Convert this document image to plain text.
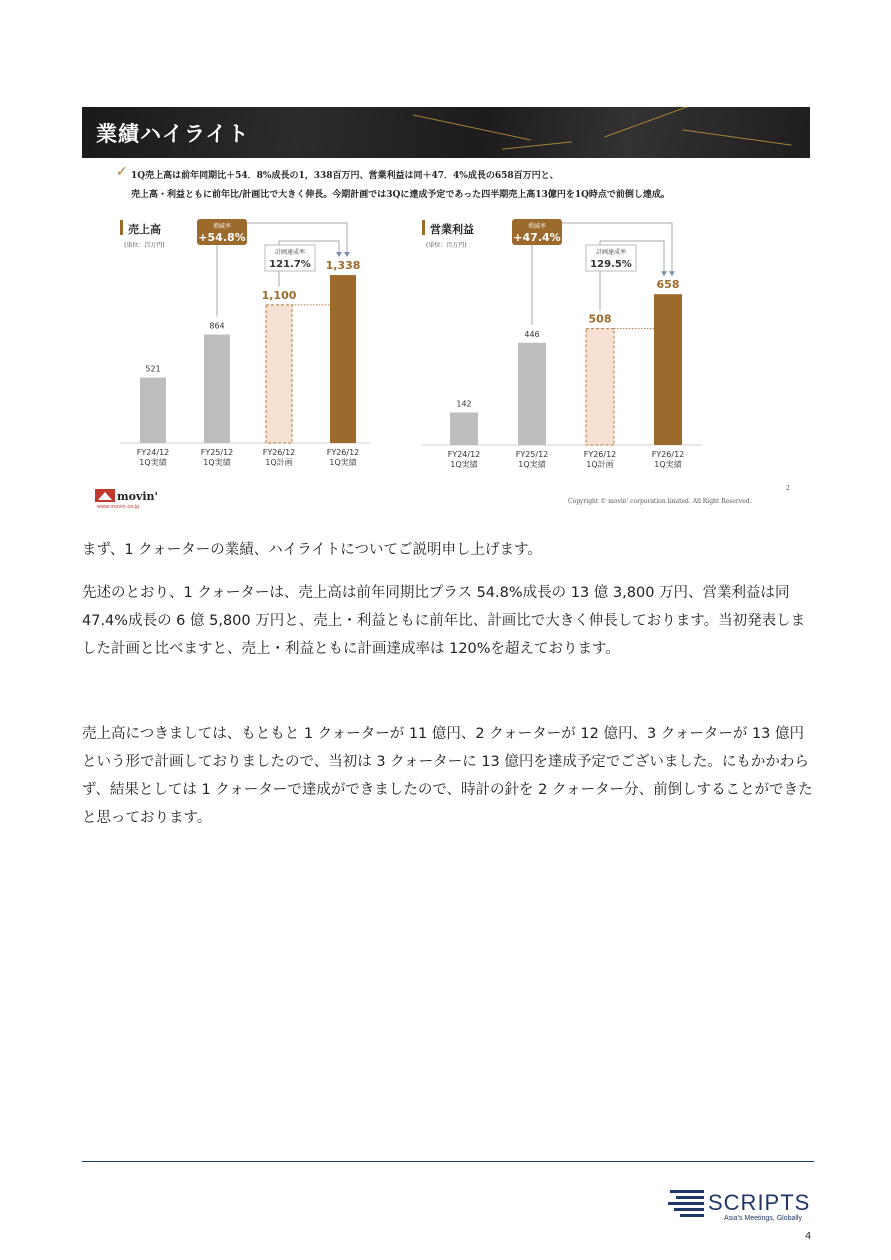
業績ハイライト
✓ 1Q売上高は前年同期比＋54．8%成長の1，338百万円、営業利益は同＋47．4%成長の658百万円と、
売上高・利益ともに前年比/計画比で大きく伸長。今期計画では3Qに達成予定であった四半期売上高13億円を1Q時点で前倒し達成。
売上高
(単位：百万円)
521
FY24/12
1Q実績
864
FY25/12
1Q実績
1,100
FY26/12
1Q計画
1,338
FY26/12
1Q実績
増減率
+54.8%
計画達成率
121.7%
営業利益
(単位：百万円)
142
FY24/12
1Q実績
446
FY25/12
1Q実績
508
FY26/12
1Q計画
658
FY26/12
1Q実績
増減率
+47.4%
計画達成率
129.5%
movin'
www.movin.co.jp
2
Copyright © movin' corporation limited. All Right Reserved.
まず、1 クォーターの業績、ハイライトについてご説明申し上げます。
先述のとおり、1 クォーターは、売上高は前年同期比プラス 54.8%成長の 13 億 3,800 万円、営業利益は同 47.4%成長の 6 億 5,800 万円と、売上・利益ともに前年比、計画比で大きく伸長しております。当初発表しました計画と比べますと、売上・利益ともに計画達成率は 120%を超えております。
売上高につきましては、もともと 1 クォーターが 11 億円、2 クォーターが 12 億円、3 クォーターが 13 億円という形で計画しておりましたので、当初は 3 クォーターに 13 億円を達成予定でございました。にもかかわらず、結果としては 1 クォーターで達成ができましたので、時計の針を 2 クォーター分、前倒しすることができたと思っております。
SCRIPTS
Asia's Meetings, Globally
4
